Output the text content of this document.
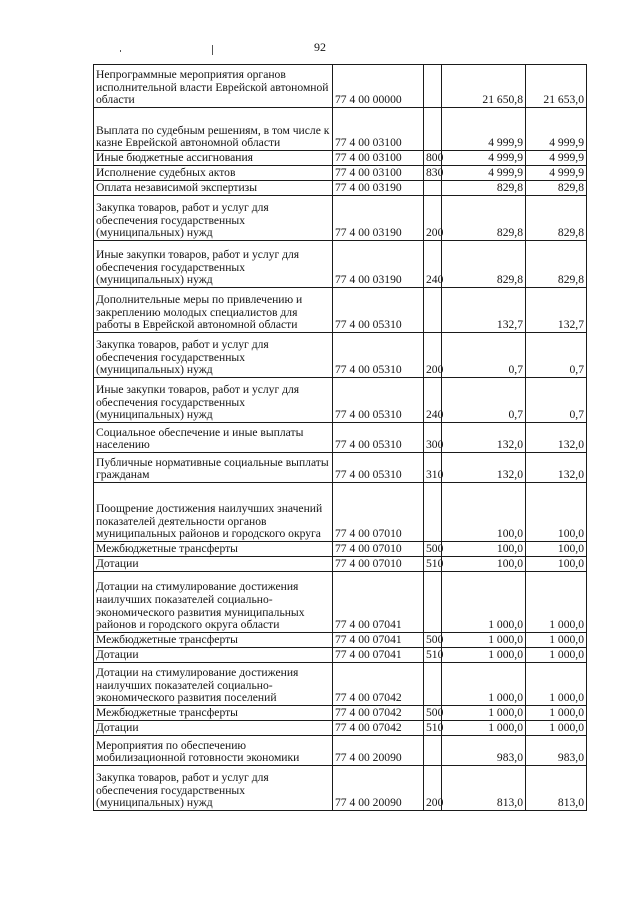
92
Непрограммные мероприятия органов исполнительной власти Еврейской автономной области	77 4 00 00000		21 650,8	21 653,0
Выплата по судебным решениям, в том числе к казне Еврейской автономной области	77 4 00 03100		4 999,9	4 999,9
Иные бюджетные ассигнования	77 4 00 03100	800	4 999,9	4 999,9
Исполнение судебных актов	77 4 00 03100	830	4 999,9	4 999,9
Оплата независимой экспертизы	77 4 00 03190		829,8	829,8
Закупка товаров, работ и услуг для обеспечения государственных (муниципальных) нужд	77 4 00 03190	200	829,8	829,8
Иные закупки товаров, работ и услуг для обеспечения государственных (муниципальных) нужд	77 4 00 03190	240	829,8	829,8
Дополнительные меры по привлечению и закреплению молодых специалистов для работы в Еврейской автономной области	77 4 00 05310		132,7	132,7
Закупка товаров, работ и услуг для обеспечения государственных (муниципальных) нужд	77 4 00 05310	200	0,7	0,7
Иные закупки товаров, работ и услуг для обеспечения государственных (муниципальных) нужд	77 4 00 05310	240	0,7	0,7
Социальное обеспечение и иные выплаты населению	77 4 00 05310	300	132,0	132,0
Публичные нормативные социальные выплаты гражданам	77 4 00 05310	310	132,0	132,0
Поощрение достижения наилучших значений показателей деятельности органов муниципальных районов и городского округа	77 4 00 07010		100,0	100,0
Межбюджетные трансферты	77 4 00 07010	500	100,0	100,0
Дотации	77 4 00 07010	510	100,0	100,0
Дотации на стимулирование достижения наилучших показателей социально-экономического развития муниципальных районов и городского округа области	77 4 00 07041		1 000,0	1 000,0
Межбюджетные трансферты	77 4 00 07041	500	1 000,0	1 000,0
Дотации	77 4 00 07041	510	1 000,0	1 000,0
Дотации на стимулирование достижения наилучших показателей социально-экономического развития поселений	77 4 00 07042		1 000,0	1 000,0
Межбюджетные трансферты	77 4 00 07042	500	1 000,0	1 000,0
Дотации	77 4 00 07042	510	1 000,0	1 000,0
Мероприятия по обеспечению мобилизационной готовности экономики	77 4 00 20090		983,0	983,0
Закупка товаров, работ и услуг для обеспечения государственных (муниципальных) нужд	77 4 00 20090	200	813,0	813,0
